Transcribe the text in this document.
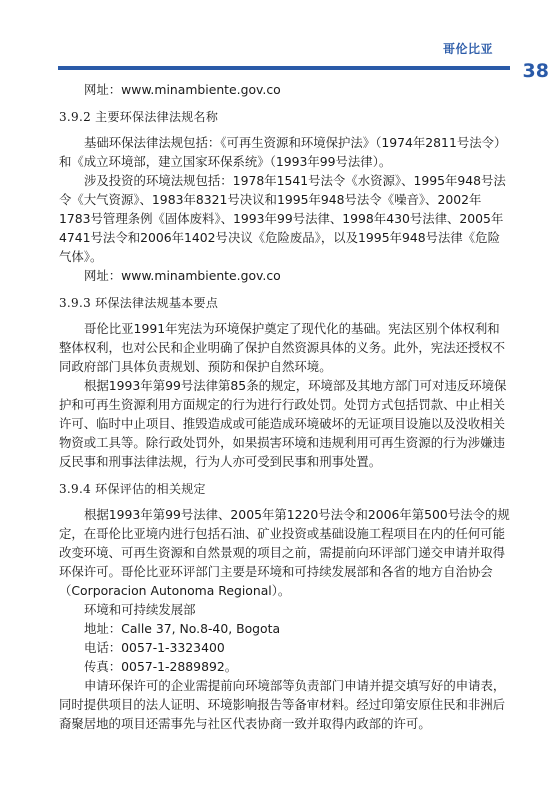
哥伦比亚
38

网址：www.minambiente.gov.co

3.9.2 主要环保法律法规名称

基础环保法律法规包括：《可再生资源和环境保护法》（1974年2811号法令）和《成立环境部，建立国家环保系统》（1993年99号法律）。

涉及投资的环境法规包括：1978年1541号法令《水资源》、1995年948号法令《大气资源》、1983年8321号决议和1995年948号法令《噪音》、2002年1783号管理条例《固体废料》、1993年99号法律、1998年430号法律、2005年4741号法令和2006年1402号决议《危险废品》，以及1995年948号法律《危险气体》。

网址：www.minambiente.gov.co

3.9.3 环保法律法规基本要点

哥伦比亚1991年宪法为环境保护奠定了现代化的基础。宪法区别个体权利和整体权利，也对公民和企业明确了保护自然资源具体的义务。此外，宪法还授权不同政府部门具体负责规划、预防和保护自然环境。

根据1993年第99号法律第85条的规定，环境部及其地方部门可对违反环境保护和可再生资源利用方面规定的行为进行行政处罚。处罚方式包括罚款、中止相关许可、临时中止项目、推毁造成或可能造成环境破坏的无证项目设施以及没收相关物资或工具等。除行政处罚外，如果损害环境和违规利用可再生资源的行为涉嫌违反民事和刑事法律法规，行为人亦可受到民事和刑事处置。

3.9.4 环保评估的相关规定

根据1993年第99号法律、2005年第1220号法令和2006年第500号法令的规定，在哥伦比亚境内进行包括石油、矿业投资或基础设施工程项目在内的任何可能改变环境、可再生资源和自然景观的项目之前，需提前向环评部门递交申请并取得环保许可。哥伦比亚环评部门主要是环境和可持续发展部和各省的地方自治协会（Corporacion Autonoma Regional）。

环境和可持续发展部

地址：Calle 37, No.8-40, Bogota

电话：0057-1-3323400

传真：0057-1-2889892。

申请环保许可的企业需提前向环境部等负责部门申请并提交填写好的申请表，同时提供项目的法人证明、环境影响报告等备审材料。经过印第安原住民和非洲后裔聚居地的项目还需事先与社区代表协商一致并取得内政部的许可。
